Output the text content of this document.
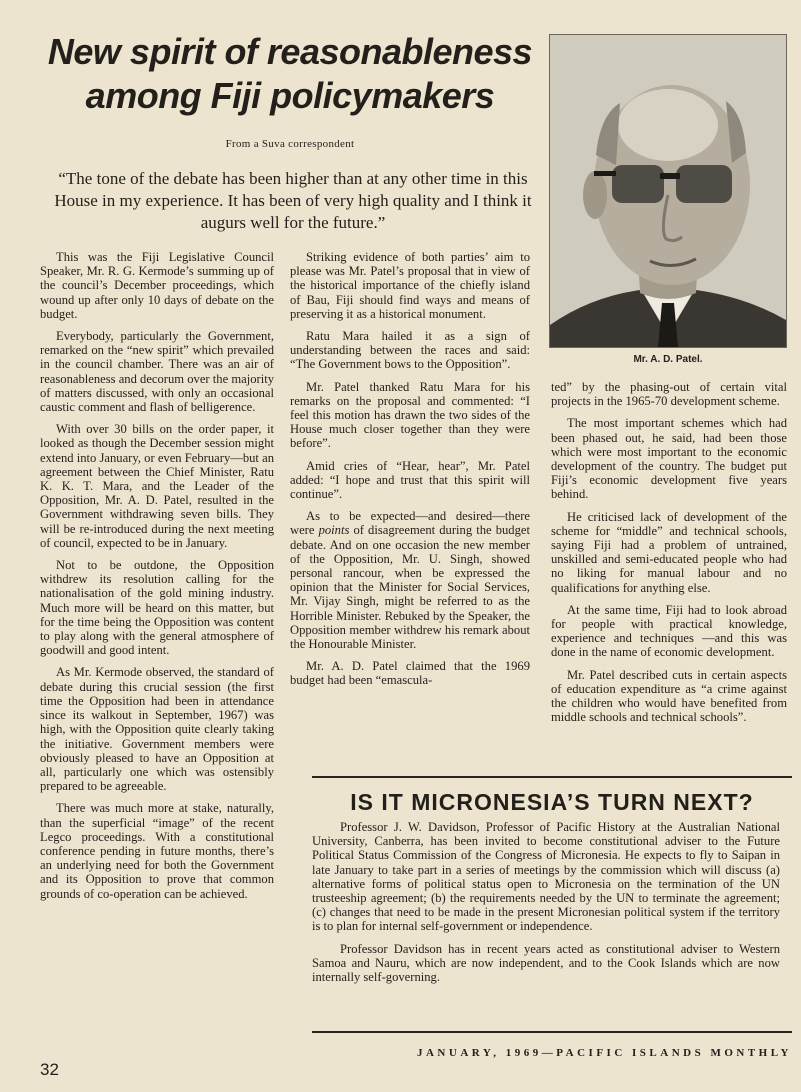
New spirit of reasonableness
among Fiji policymakers
From a Suva correspondent
“The tone of the debate has been higher than at any other time in this House in my experience. It has been of very high quality and I think it augurs well for the future.”
Mr. A. D. Patel.

This was the Fiji Legislative Council Speaker, Mr. R. G. Kermode’s summing up of the council’s December proceedings, which wound up after only 10 days of debate on the budget.

Everybody, particularly the Government, remarked on the “new spirit” which prevailed in the council chamber. There was an air of reasonableness and decorum over the majority of matters discussed, with only an occasional caustic comment and flash of belligerence.

With over 30 bills on the order paper, it looked as though the December session might extend into January, or even February—but an agreement between the Chief Minister, Ratu K. K. T. Mara, and the Leader of the Opposition, Mr. A. D. Patel, resulted in the Government withdrawing seven bills. They will be re-introduced during the next meeting of council, expected to be in January.

Not to be outdone, the Opposition withdrew its resolution calling for the nationalisation of the gold mining industry. Much more will be heard on this matter, but for the time being the Opposition was content to play along with the general atmosphere of goodwill and good intent.

As Mr. Kermode observed, the standard of debate during this crucial session (the first time the Opposition had been in attendance since its walkout in September, 1967) was high, with the Opposition quite clearly taking the initiative. Government members were obviously pleased to have an Opposition at all, particularly one which was ostensibly prepared to be agreeable.

There was much more at stake, naturally, than the superficial “image” of the recent Legco proceedings. With a constitutional conference pending in future months, there’s an underlying need for both the Government and its Opposition to prove that common grounds of co-operation can be achieved.

Striking evidence of both parties’ aim to please was Mr. Patel’s proposal that in view of the historical importance of the chiefly island of Bau, Fiji should find ways and means of preserving it as a historical monument.

Ratu Mara hailed it as a sign of understanding between the races and said: “The Government bows to the Opposition”.

Mr. Patel thanked Ratu Mara for his remarks on the proposal and commented: “I feel this motion has drawn the two sides of the House much closer together than they were before”.

Amid cries of “Hear, hear”, Mr. Patel added: “I hope and trust that this spirit will continue”.

As to be expected—and desired—there were points of disagreement during the budget debate. And on one occasion the new member of the Opposition, Mr. U. Singh, showed personal rancour, when be expressed the opinion that the Minister for Social Services, Mr. Vijay Singh, might be referred to as the Horrible Minister. Rebuked by the Speaker, the Opposition member withdrew his remark about the Honourable Minister.

Mr. A. D. Patel claimed that the 1969 budget had been “emascula-

ted” by the phasing-out of certain vital projects in the 1965-70 development scheme.

The most important schemes which had been phased out, he said, had been those which were most important to the economic development of the country. The budget put Fiji’s economic development five years behind.

He criticised lack of development of the scheme for “middle” and technical schools, saying Fiji had a problem of untrained, unskilled and semi-educated people who had no liking for manual labour and no qualifications for anything else.

At the same time, Fiji had to look abroad for people with practical knowledge, experience and techniques —and this was done in the name of economic development.

Mr. Patel described cuts in certain aspects of education expenditure as “a crime against the children who would have benefited from middle schools and technical schools”.

IS IT MICRONESIA’S TURN NEXT?

Professor J. W. Davidson, Professor of Pacific History at the Australian National University, Canberra, has been invited to become constitutional adviser to the Future Political Status Commission of the Congress of Micronesia. He expects to fly to Saipan in late January to take part in a series of meetings by the commission which will discuss (a) alternative forms of political status open to Micronesia on the termination of the UN trusteeship agreement; (b) the requirements needed by the UN to terminate the agreement; (c) changes that need to be made in the present Micronesian political system if the territory is to plan for internal self-government or independence.

Professor Davidson has in recent years acted as constitutional adviser to Western Samoa and Nauru, which are now independent, and to the Cook Islands which are now internally self-governing.

32
JANUARY, 1969—PACIFIC ISLANDS MONTHLY
